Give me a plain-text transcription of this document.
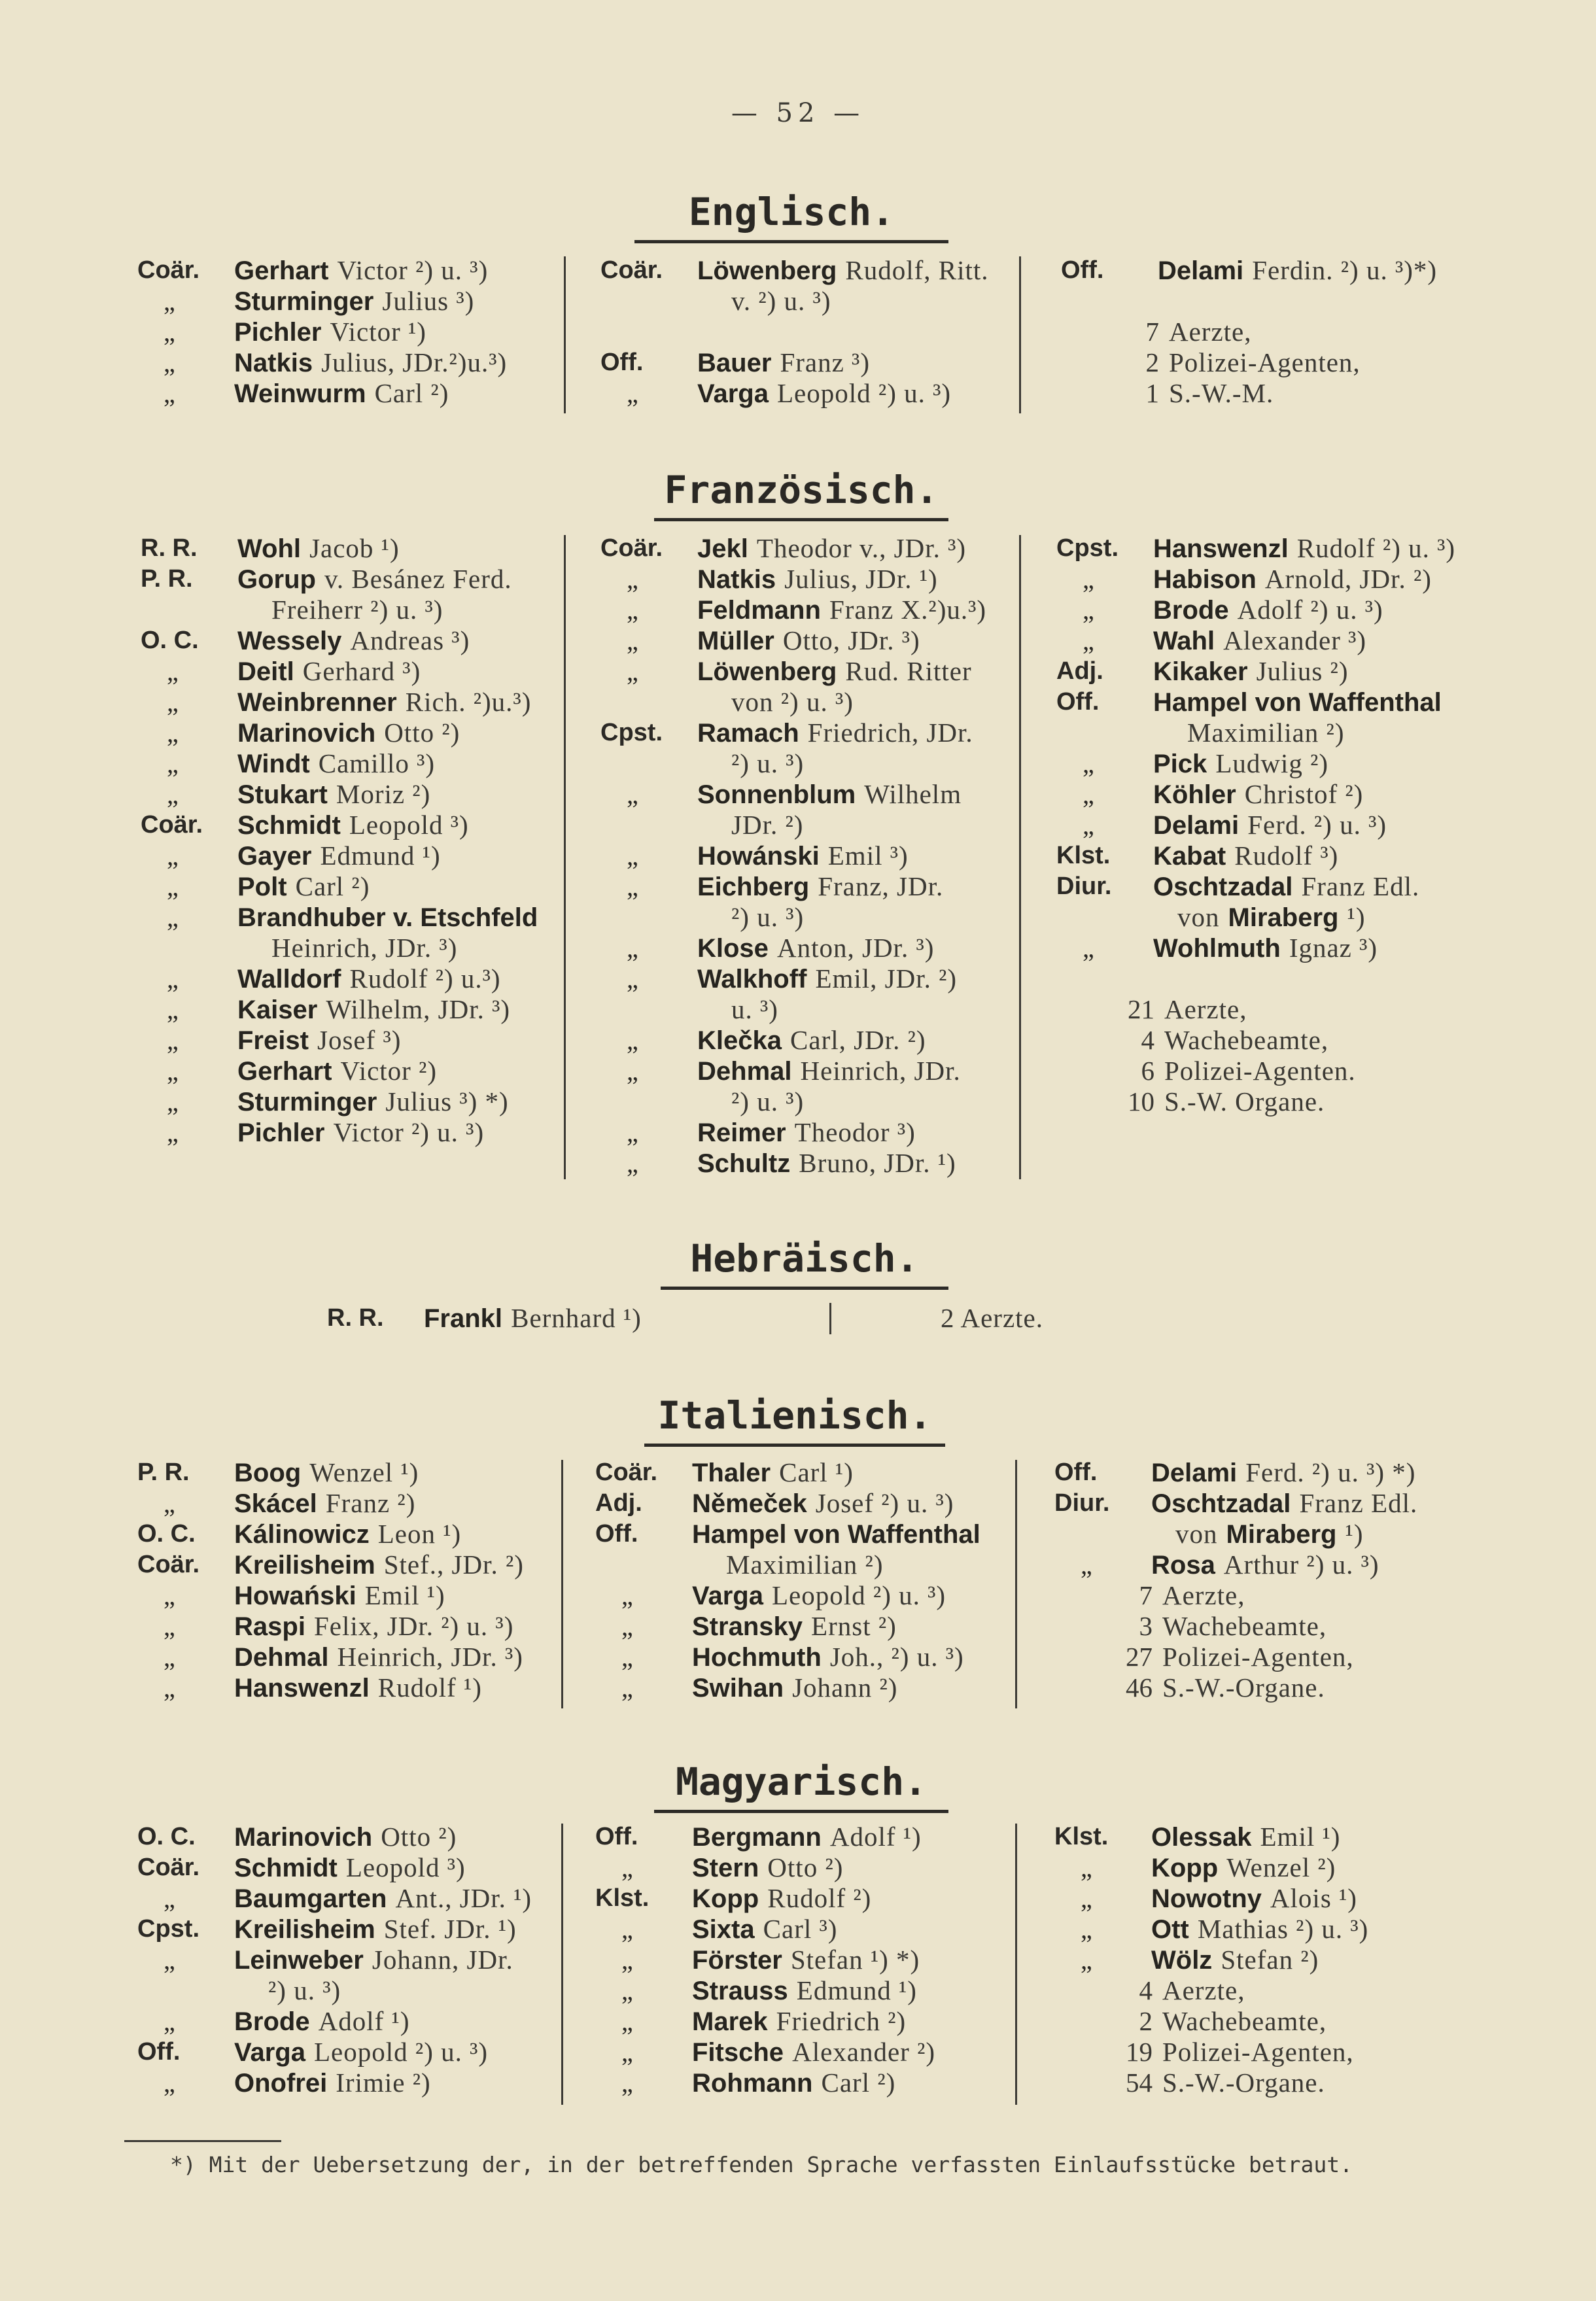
— 52 —
Englisch.
Coär. Gerhart Victor ²) u. ³)
„ Sturminger Julius ³)
„ Pichler Victor ¹)
„ Natkis Julius, JDr.²)u.³)
„ Weinwurm Carl ²)
Coär. Löwenberg Rudolf, Ritt.
v. ²) u. ³)
Off. Bauer Franz ³)
„ Varga Leopold ²) u. ³)
Off. Delami Ferdin. ²) u. ³)*)
7 Aerzte,
2 Polizei-Agenten,
1 S.-W.-M.
Französisch.
R. R. Wohl Jacob ¹)
P. R. Gorup v. Besánez Ferd.
Freiherr ²) u. ³)
O. C. Wessely Andreas ³)
„ Deitl Gerhard ³)
„ Weinbrenner Rich. ²)u.³)
„ Marinovich Otto ²)
„ Windt Camillo ³)
„ Stukart Moriz ²)
Coär. Schmidt Leopold ³)
„ Gayer Edmund ¹)
„ Polt Carl ²)
„ Brandhuber v. Etschfeld
Heinrich, JDr. ³)
„ Walldorf Rudolf ²) u.³)
„ Kaiser Wilhelm, JDr. ³)
„ Freist Josef ³)
„ Gerhart Victor ²)
„ Sturminger Julius ³) *)
„ Pichler Victor ²) u. ³)
Coär. Jekl Theodor v., JDr. ³)
„ Natkis Julius, JDr. ¹)
„ Feldmann Franz X.²)u.³)
„ Müller Otto, JDr. ³)
„ Löwenberg Rud. Ritter
von ²) u. ³)
Cpst. Ramach Friedrich, JDr.
²) u. ³)
„ Sonnenblum Wilhelm
JDr. ²)
„ Howánski Emil ³)
„ Eichberg Franz, JDr.
²) u. ³)
„ Klose Anton, JDr. ³)
„ Walkhoff Emil, JDr. ²)
u. ³)
„ Klečka Carl, JDr. ²)
„ Dehmal Heinrich, JDr.
²) u. ³)
„ Reimer Theodor ³)
„ Schultz Bruno, JDr. ¹)
Cpst. Hanswenzl Rudolf ²) u. ³)
„ Habison Arnold, JDr. ²)
„ Brode Adolf ²) u. ³)
„ Wahl Alexander ³)
Adj. Kikaker Julius ²)
Off. Hampel von Waffenthal
Maximilian ²)
„ Pick Ludwig ²)
„ Köhler Christof ²)
„ Delami Ferd. ²) u. ³)
Klst. Kabat Rudolf ³)
Diur. Oschtzadal Franz Edl.
von Miraberg ¹)
„ Wohlmuth Ignaz ³)
21 Aerzte,
4 Wachebeamte,
6 Polizei-Agenten.
10 S.-W. Organe.
Hebräisch.
R. R. Frankl Bernhard ¹)	2 Aerzte.
Italienisch.
P. R. Boog Wenzel ¹)
„ Skácel Franz ²)
O. C. Kálinowicz Leon ¹)
Coär. Kreilisheim Stef., JDr. ²)
„ Howański Emil ¹)
„ Raspi Felix, JDr. ²) u. ³)
„ Dehmal Heinrich, JDr. ³)
„ Hanswenzl Rudolf ¹)
Coär. Thaler Carl ¹)
Adj. Němeček Josef ²) u. ³)
Off. Hampel von Waffenthal
Maximilian ²)
„ Varga Leopold ²) u. ³)
„ Stransky Ernst ²)
„ Hochmuth Joh., ²) u. ³)
„ Swihan Johann ²)
Off. Delami Ferd. ²) u. ³) *)
Diur. Oschtzadal Franz Edl.
von Miraberg ¹)
„ Rosa Arthur ²) u. ³)
7 Aerzte,
3 Wachebeamte,
27 Polizei-Agenten,
46 S.-W.-Organe.
Magyarisch.
O. C. Marinovich Otto ²)
Coär. Schmidt Leopold ³)
„ Baumgarten Ant., JDr. ¹)
Cpst. Kreilisheim Stef. JDr. ¹)
„ Leinweber Johann, JDr.
²) u. ³)
„ Brode Adolf ¹)
Off. Varga Leopold ²) u. ³)
„ Onofrei Irimie ²)
Off. Bergmann Adolf ¹)
„ Stern Otto ²)
Klst. Kopp Rudolf ²)
„ Sixta Carl ³)
„ Förster Stefan ¹) *)
„ Strauss Edmund ¹)
„ Marek Friedrich ²)
„ Fitsche Alexander ²)
„ Rohmann Carl ²)
Klst. Olessak Emil ¹)
„ Kopp Wenzel ²)
„ Nowotny Alois ¹)
„ Ott Mathias ²) u. ³)
„ Wölz Stefan ²)
4 Aerzte,
2 Wachebeamte,
19 Polizei-Agenten,
54 S.-W.-Organe.
*) Mit der Uebersetzung der, in der betreffenden Sprache verfassten Einlaufsstücke betraut.
